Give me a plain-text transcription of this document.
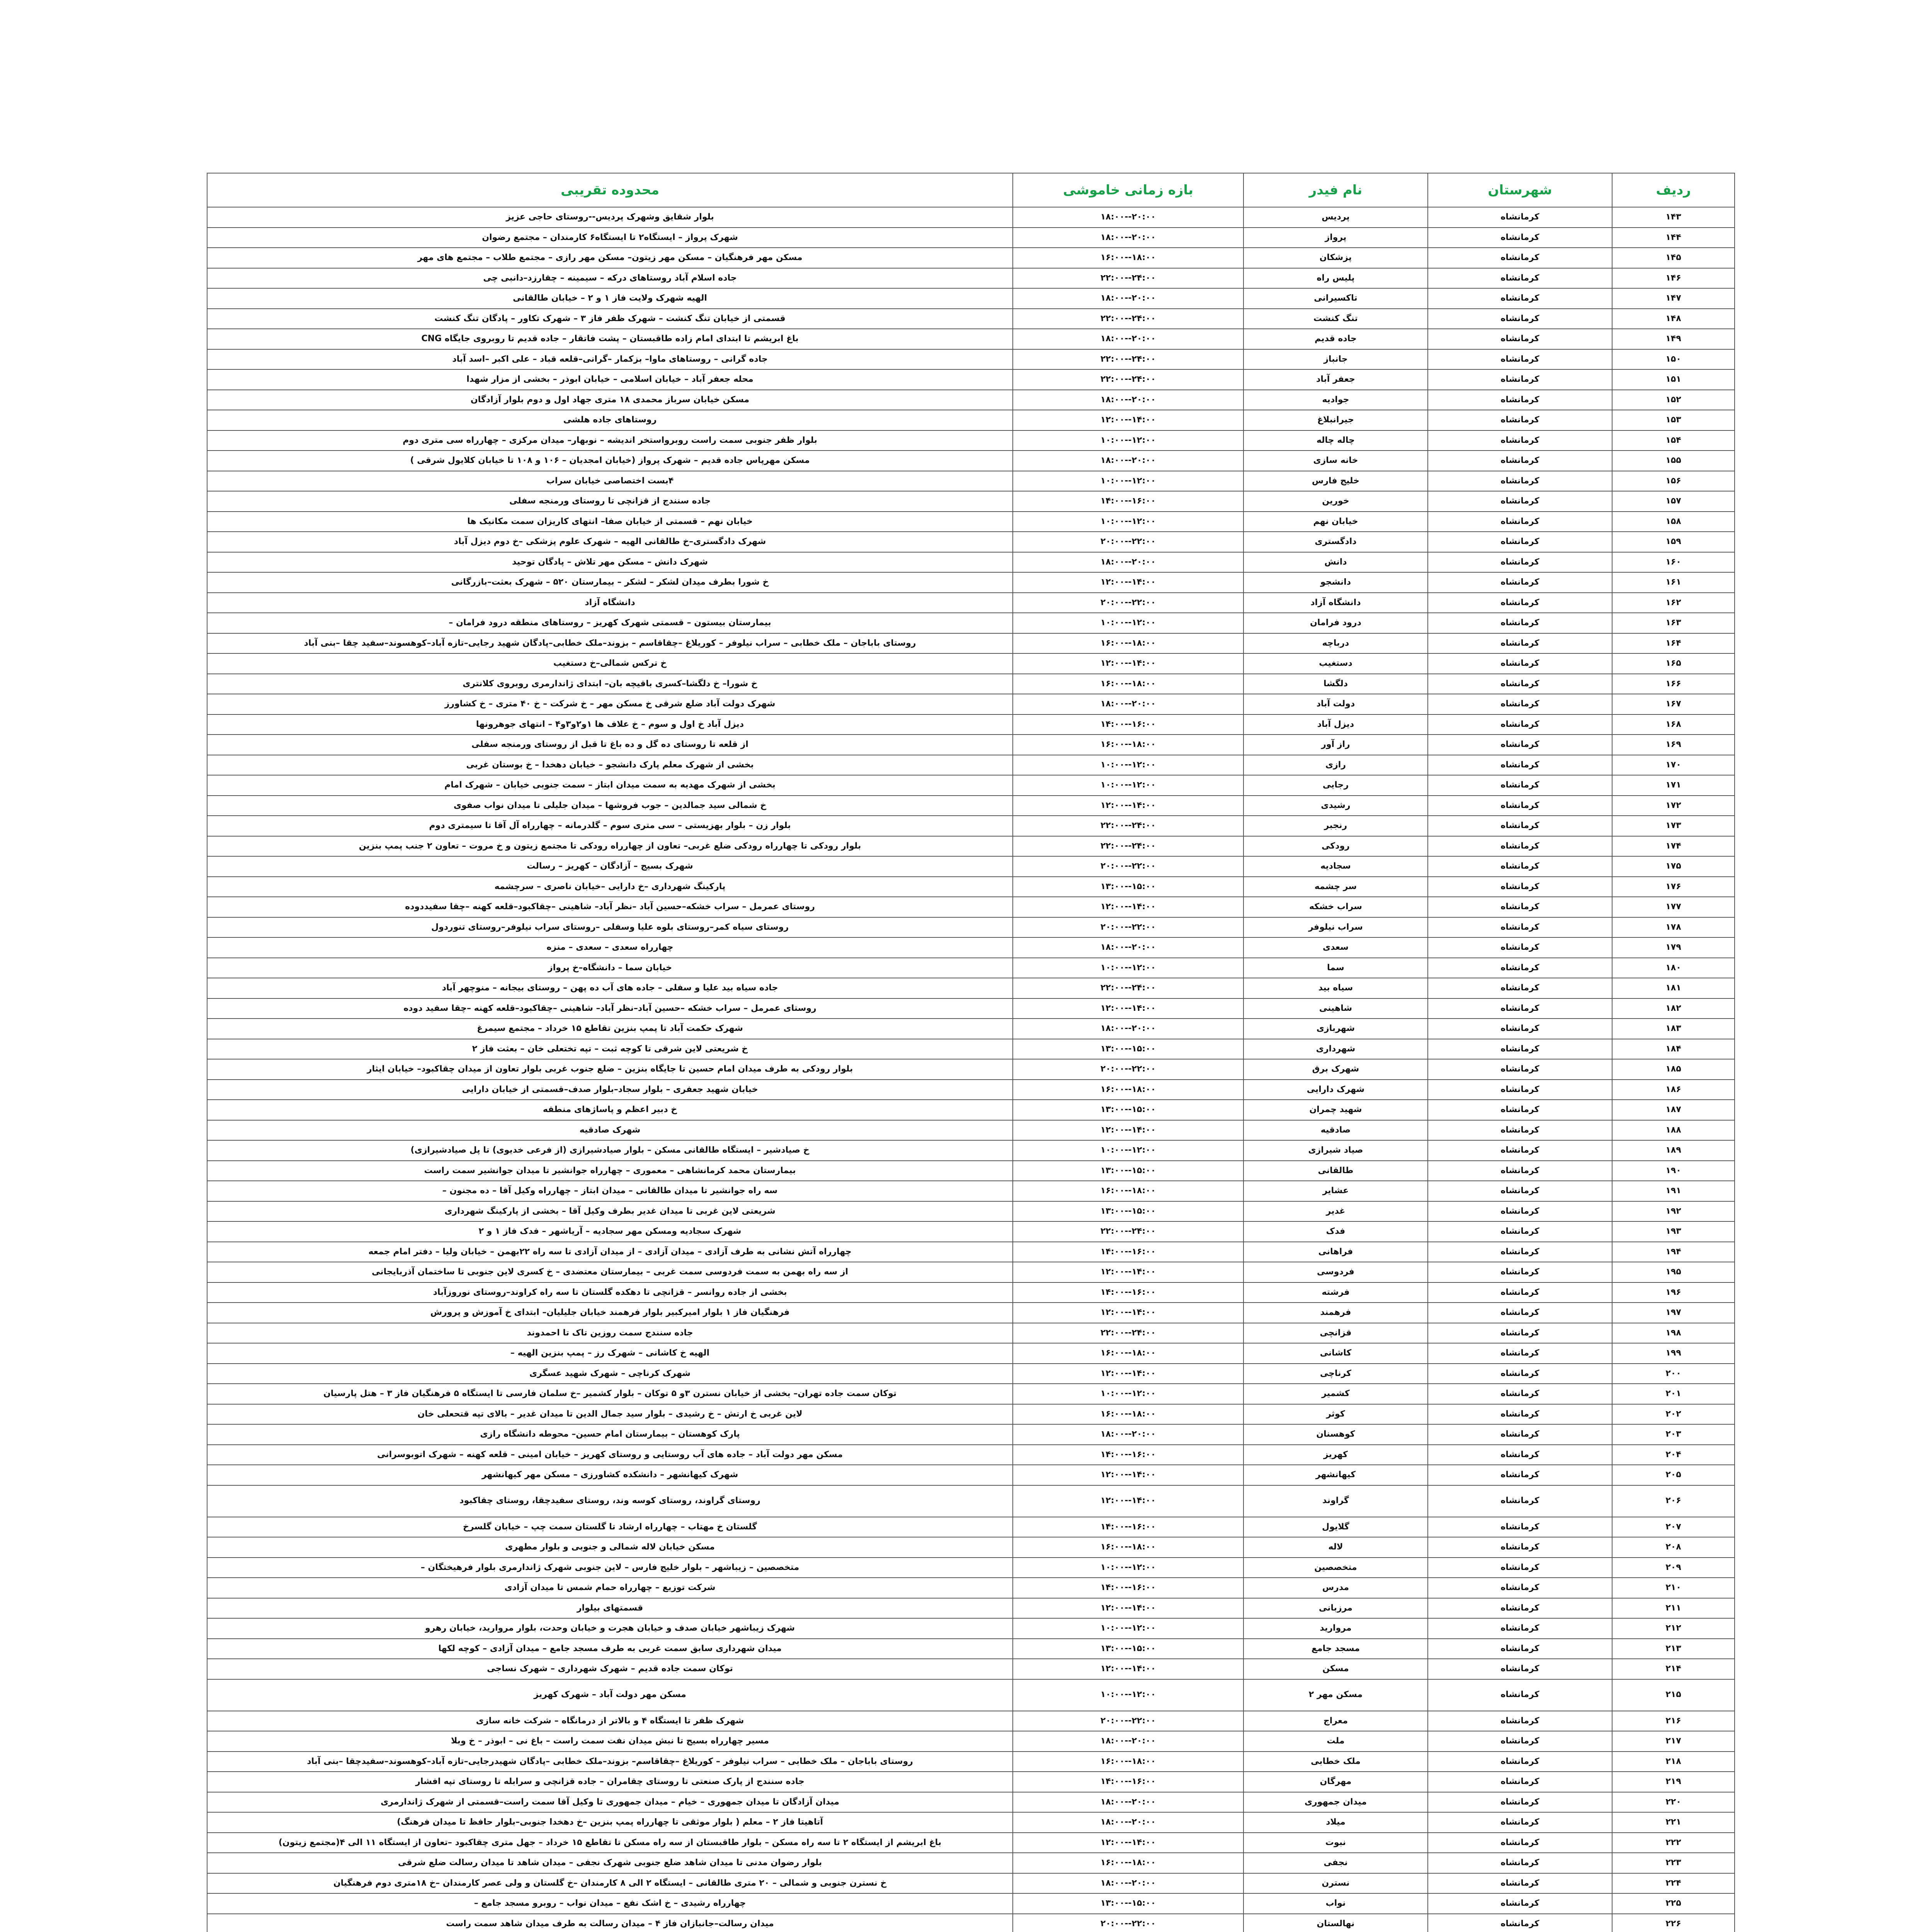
ردیف	شهرستان	نام فیدر	بازه زمانی خاموشی	محدوده تقریبی
۱۴۳	کرمانشاه	پردیس	۱۸:۰۰--۲۰:۰۰	بلوار شقایق وشهرک پردیس--روستای حاجی عزیز
۱۴۴	کرمانشاه	پرواز	۱۸:۰۰--۲۰:۰۰	شهرک پرواز – ایستگاه۲ تا ایستگاه۶ کارمندان – مجتمع رضوان
۱۴۵	کرمانشاه	پزشکان	۱۶:۰۰--۱۸:۰۰	مسکن مهر فرهنگیان – مسکن مهر زیتون– مسکن مهر رازی – مجتمع طلاب – مجتمع های مهر
۱۴۶	کرمانشاه	پلیس راه	۲۲:۰۰--۲۴:۰۰	جاده اسلام آباد روستاهای درکه – سیمینه – چقارزد–دانبی چی
۱۴۷	کرمانشاه	تاکسیرانی	۱۸:۰۰--۲۰:۰۰	الهیه شهرک ولایت فاز ۱ و ۲ – خیابان طالقانی
۱۴۸	کرمانشاه	تنگ کنشت	۲۲:۰۰--۲۴:۰۰	قسمتی از خیابان تنگ کنشت – شهرک ظفر فاز ۳ – شهرک تکاور – پادگان تنگ کنشت
۱۴۹	کرمانشاه	جاده قدیم	۱۸:۰۰--۲۰:۰۰	باغ ابریشم تا ابتدای امام زاده طاقبستان – پشت فاتقار – جاده قدیم تا روبروی جایگاه CNG
۱۵۰	کرمانشاه	جانباز	۲۲:۰۰--۲۴:۰۰	جاده گرانی – روستاهای ماوا– بزکمار –گرانی–قلعه قباد – علی اکبر –اسد آباد
۱۵۱	کرمانشاه	جعفر آباد	۲۲:۰۰--۲۴:۰۰	محله جعفر آباد – خیابان اسلامی – خیابان ابوذر – بخشی از مزار شهدا
۱۵۲	کرمانشاه	جوادیه	۱۸:۰۰--۲۰:۰۰	مسکن خیابان سرباز محمدی ۱۸ متری جهاد اول و دوم بلوار آزادگان
۱۵۳	کرمانشاه	جیرانبلاغ	۱۲:۰۰--۱۴:۰۰	روستاهای جاده هلشی
۱۵۴	کرمانشاه	چاله چاله	۱۰:۰۰--۱۲:۰۰	بلوار ظفر جنوبی سمت راست روبرواستخر اندیشه – نوبهار– میدان مرکزی – چهارراه سی متری دوم
۱۵۵	کرمانشاه	خانه سازی	۱۸:۰۰--۲۰:۰۰	مسکن مهرپاس جاده قدیم – شهرک پرواز (خیابان امجدیان – ۱۰۶ و ۱۰۸ تا خیابان کلایول شرقی )
۱۵۶	کرمانشاه	خلیج فارس	۱۰:۰۰--۱۲:۰۰	۴بست اختصاصی خیابان سراب
۱۵۷	کرمانشاه	خورین	۱۴:۰۰--۱۶:۰۰	جاده سنندج از قزانچی تا روستای ورمنجه سفلی
۱۵۸	کرمانشاه	خیابان نهم	۱۰:۰۰--۱۲:۰۰	خیابان نهم – قسمتی از خیابان صفا– انتهای کاریزان سمت مکانیک ها
۱۵۹	کرمانشاه	دادگستری	۲۰:۰۰--۲۲:۰۰	شهرک دادگستری–خ طالقانی الهیه – شهرک علوم پزشکی –خ دوم دیزل آباد
۱۶۰	کرمانشاه	دانش	۱۸:۰۰--۲۰:۰۰	شهرک دانش – مسکن مهر تلاش – پادگان توحید
۱۶۱	کرمانشاه	دانشجو	۱۲:۰۰--۱۴:۰۰	خ شورا بطرف میدان لشکر – لشکر – بیمارستان ۵۲۰ – شهرک بعثت–بازرگانی
۱۶۲	کرمانشاه	دانشگاه آزاد	۲۰:۰۰--۲۲:۰۰	دانشگاه آزاد
۱۶۳	کرمانشاه	درود فرامان	۱۰:۰۰--۱۲:۰۰	بیمارستان بیستون – قسمتی شهرک کهریز – روستاهای منطقه درود فرامان –
۱۶۴	کرمانشاه	درباچه	۱۶:۰۰--۱۸:۰۰	روستای باباجان – ملک خطابی – سراب نیلوفر – کوریلاغ –چقاقاسم – بزوند–ملک خطابی–پادگان شهید رجایی–تازه آباد–کوهسوند–سفید چقا –بنی آباد
۱۶۵	کرمانشاه	دستغیب	۱۲:۰۰--۱۴:۰۰	خ ترکس شمالی–خ دستغیب
۱۶۶	کرمانشاه	دلگشا	۱۶:۰۰--۱۸:۰۰	خ شورا– خ دلگشا–کسری باقیچه بان– ابتدای ژاندارمری روبروی کلانتری
۱۶۷	کرمانشاه	دولت آباد	۱۸:۰۰--۲۰:۰۰	شهرک دولت آباد ضلع شرقی خ مسکن مهر – خ شرکت – خ ۴۰ متری – خ کشاورز
۱۶۸	کرمانشاه	دیزل آباد	۱۴:۰۰--۱۶:۰۰	دیزل آباد خ اول و سوم – خ علاف ها ۱و۲و۳و۴ – انتهای جوهرونها
۱۶۹	کرمانشاه	راز آور	۱۶:۰۰--۱۸:۰۰	از قلعه تا روستای ده گل و ده باغ تا قبل از روستای ورمنجه سفلی
۱۷۰	کرمانشاه	رازی	۱۰:۰۰--۱۲:۰۰	بخشی از شهرک معلم پارک دانشجو – خیابان دهخدا – خ بوستان غربی
۱۷۱	کرمانشاه	رجایی	۱۰:۰۰--۱۲:۰۰	بخشی از شهرک مهدیه به سمت میدان ابتاز – سمت جنوبی خیابان – شهرک امام
۱۷۲	کرمانشاه	رشیدی	۱۲:۰۰--۱۴:۰۰	خ شمالی سید جمالدین – جوب فروشها – میدان جلیلی تا میدان نواب صفوی
۱۷۳	کرمانشاه	رنجبر	۲۲:۰۰--۲۴:۰۰	بلوار زن – بلوار بهزیستی – سی متری سوم – گلدرمانه – چهارراه آل آقا تا سیمتری دوم
۱۷۴	کرمانشاه	رودکی	۲۲:۰۰--۲۴:۰۰	بلوار رودکی تا چهارراه رودکی ضلع غربی– تعاون از چهارراه رودکی تا مجتمع زیتون و خ مروت – تعاون ۲ جنب پمپ بنزین
۱۷۵	کرمانشاه	سجادیه	۲۰:۰۰--۲۲:۰۰	شهرک بسیج – آزادگان – کهریز – رسالت
۱۷۶	کرمانشاه	سر چشمه	۱۳:۰۰--۱۵:۰۰	پارکینگ شهرداری –خ دارایی –خیابان ناصری – سرچشمه
۱۷۷	کرمانشاه	سراب خشکه	۱۲:۰۰--۱۴:۰۰	روستای عمرمل – سراب خشکه–حسین آباد –نظر آباد– شاهینی –چقاکبود–قلعه کهنه –چقا سفیددوده
۱۷۸	کرمانشاه	سراب نیلوفر	۲۰:۰۰--۲۲:۰۰	روستای سیاه کمر–روستای بلوه علیا وسفلی –روستای سراب نیلوفر–روستای تنوردول
۱۷۹	کرمانشاه	سعدی	۱۸:۰۰--۲۰:۰۰	چهارراه سعدی – سعدی – منزه
۱۸۰	کرمانشاه	سما	۱۰:۰۰--۱۲:۰۰	خیابان سما – دانشگاه–خ پرواز
۱۸۱	کرمانشاه	سیاه بید	۲۲:۰۰--۲۴:۰۰	جاده سیاه بید علیا و سفلی – جاده های آب ده پهن – روستای بیجانه – منوچهر آباد
۱۸۲	کرمانشاه	شاهینی	۱۲:۰۰--۱۴:۰۰	روستای عمرمل – سراب خشکه –حسین آباد–نظر آباد– شاهینی –چقاکبود–قلعه کهنه –چقا سفید دوده
۱۸۳	کرمانشاه	شهربازی	۱۸:۰۰--۲۰:۰۰	شهرک حکمت آباد تا پمپ بنزین تقاطع ۱۵ خرداد – مجتمع سیمرغ
۱۸۴	کرمانشاه	شهرداری	۱۳:۰۰--۱۵:۰۰	خ شریعتی لاین شرقی تا کوچه ثبت – تپه تختعلی خان – بعثت فاز ۲
۱۸۵	کرمانشاه	شهرک برق	۲۰:۰۰--۲۲:۰۰	بلوار رودکی به طرف میدان امام حسین تا جایگاه بنزین – ضلع جنوب غربی بلوار تعاون از میدان چقاکبود– خیابان ایثار
۱۸۶	کرمانشاه	شهرک دارایی	۱۶:۰۰--۱۸:۰۰	خیابان شهید جعفری – بلوار سجاد–بلوار صدف–قسمتی از خیابان دارایی
۱۸۷	کرمانشاه	شهید چمران	۱۳:۰۰--۱۵:۰۰	خ دبیر اعظم و پاساژهای منطقه
۱۸۸	کرمانشاه	صادقیه	۱۲:۰۰--۱۴:۰۰	شهرک صادقیه
۱۸۹	کرمانشاه	صیاد شیرازی	۱۰:۰۰--۱۲:۰۰	خ صیادشیر – ایستگاه طالقانی مسکن – بلوار صیادشیرازی (از فرعی خدیوی) تا پل صیادشیرازی)
۱۹۰	کرمانشاه	طالقانی	۱۳:۰۰--۱۵:۰۰	بیمارستان محمد کرمانشاهی – معموری – چهارراه جوانشیر تا میدان جوانشیر سمت راست
۱۹۱	کرمانشاه	عشایر	۱۶:۰۰--۱۸:۰۰	سه راه جوانشیر تا میدان طالقانی – میدان ابتاز – چهارراه وکیل آقا – ده مجنون –
۱۹۲	کرمانشاه	غدیر	۱۳:۰۰--۱۵:۰۰	شریعتی لاین غربی تا میدان غدیر بطرف وکیل آقا – بخشی از پارکینگ شهرداری
۱۹۳	کرمانشاه	فدک	۲۲:۰۰--۲۴:۰۰	شهرک سجادیه ومسکن مهر سجادیه – آریاشهر – فدک فاز ۱ و ۲
۱۹۴	کرمانشاه	فراهانی	۱۴:۰۰--۱۶:۰۰	چهارراه آتش نشانی به طرف آزادی – میدان آزادی – از میدان آزادی تا سه راه ۲۲بهمن – خیابان ولیا – دفتر امام جمعه
۱۹۵	کرمانشاه	فردوسی	۱۲:۰۰--۱۴:۰۰	از سه راه بهمن به سمت فردوسی سمت غربی – بیمارستان معتضدی – خ کسری لاین جنوبی تا ساختمان آذربایجانی
۱۹۶	کرمانشاه	فرشته	۱۴:۰۰--۱۶:۰۰	بخشی از جاده روانسر – قزانچی تا دهکده گلستان تا سه راه کراوند–روستای نوروزآباد
۱۹۷	کرمانشاه	فرهمند	۱۲:۰۰--۱۴:۰۰	فرهنگیان فاز ۱ بلوار امیرکبیر بلوار فرهمند خیابان جلیلیان– ابتدای خ آموزش و پرورش
۱۹۸	کرمانشاه	قزانچی	۲۲:۰۰--۲۴:۰۰	جاده سنندج سمت روزین تاک تا احمدوند
۱۹۹	کرمانشاه	کاشانی	۱۶:۰۰--۱۸:۰۰	الهیه خ کاشانی – شهرک رز – پمپ بنزین الهیه –
۲۰۰	کرمانشاه	کرناچی	۱۲:۰۰--۱۴:۰۰	شهرک کرناچی – شهرک شهید عسگری
۲۰۱	کرمانشاه	کشمیر	۱۰:۰۰--۱۲:۰۰	توکان سمت جاده تهران– بخشی از خیابان نسترن ۳و ۵ توکان – بلوار کشمیر –خ سلمان فارسی تا ایستگاه ۵ فرهنگیان فاز ۳ – هتل پارسیان
۲۰۲	کرمانشاه	کوثر	۱۶:۰۰--۱۸:۰۰	لاین غربی خ ارتش – خ رشیدی – بلوار سید جمال الدین تا میدان غدیر – بالای تپه قتحعلی خان
۲۰۳	کرمانشاه	کوهسنان	۱۸:۰۰--۲۰:۰۰	پارک کوهستان – بیمارستان امام حسین– محوطه دانشگاه رازی
۲۰۴	کرمانشاه	کهریز	۱۴:۰۰--۱۶:۰۰	مسکن مهر دولت آباد – جاده های آب روستایی و روستای کهریز – خیابان امینی – قلعه کهنه – شهرک اتوبوسرانی
۲۰۵	کرمانشاه	کیهانشهر	۱۲:۰۰--۱۴:۰۰	شهرک کیهانشهر – دانشکده کشاورزی – مسکن مهر کیهانشهر
۲۰۶	کرمانشاه	گراوند	۱۲:۰۰--۱۴:۰۰	روستای گراوند، روستای کوسه وند، روستای سفیدچقا، روستای چقاکبود
۲۰۷	کرمانشاه	گلایول	۱۴:۰۰--۱۶:۰۰	گلستان خ مهتاب – چهارراه ارشاد تا گلستان سمت چپ – خیابان گلسرخ
۲۰۸	کرمانشاه	لاله	۱۶:۰۰--۱۸:۰۰	مسکن خیابان لاله شمالی و جنوبی و بلوار مطهری
۲۰۹	کرمانشاه	متخصصین	۱۰:۰۰--۱۲:۰۰	متخصصین – زیباشهر – بلوار خلیج فارس – لاین جنوبی شهرک ژاندارمری بلوار فرهیختگان –
۲۱۰	کرمانشاه	مدرس	۱۴:۰۰--۱۶:۰۰	شرکت توزیع – چهارراه حمام شمس تا میدان آزادی
۲۱۱	کرمانشاه	مرزبانی	۱۲:۰۰--۱۴:۰۰	قسمتهای بیلوار
۲۱۲	کرمانشاه	مرواريد	۱۰:۰۰--۱۲:۰۰	شهرک زیباشهر خیابان صدف و خیابان هجرت و خیابان وحدت، بلوار مروارید، خیابان رهرو
۲۱۳	کرمانشاه	مسجد جامع	۱۳:۰۰--۱۵:۰۰	میدان شهرداری سابق سمت غربی به طرف مسجد جامع – میدان آزادی – کوچه لکها
۲۱۴	کرمانشاه	مسکن	۱۲:۰۰--۱۴:۰۰	توکان سمت جاده قدیم – شهرک شهرداری – شهرک نساجی
۲۱۵	کرمانشاه	مسکن مهر ۲	۱۰:۰۰--۱۲:۰۰	مسکن مهر دولت آباد – شهرک کهریز
۲۱۶	کرمانشاه	معراج	۲۰:۰۰--۲۲:۰۰	شهرک ظفر تا ایستگاه ۴ و بالاتر از درمانگاه – شرکت خانه سازی
۲۱۷	کرمانشاه	ملت	۱۸:۰۰--۲۰:۰۰	مسیر چهارراه بسیج تا نبش میدان نفت سمت راست – باغ نی – ابوذر – خ وبلا
۲۱۸	کرمانشاه	ملک خطابی	۱۶:۰۰--۱۸:۰۰	روستای باباجان – ملک خطابی – سراب نیلوفر – کوریلاغ –چقاقاسم– بزوند–ملک خطابی –پادگان شهیدرجایی–تازه آباد–کوهسوند–سفیدچقا –بنی آباد
۲۱۹	کرمانشاه	مهرگان	۱۴:۰۰--۱۶:۰۰	جاده سنندج از پارک صنعتی تا روستای چقامران – جاده قزانچی و سرابله تا روستای تپه افشار
۲۲۰	کرمانشاه	میدان جمهوری	۱۸:۰۰--۲۰:۰۰	میدان آزادگان تا میدان جمهوری – خیام – میدان جمهوری تا وکیل آقا سمت راست–قسمتی از شهرک ژاندارمری
۲۲۱	کرمانشاه	میلاد	۱۸:۰۰--۲۰:۰۰	آتاهیتا فاز ۲ – معلم ( بلوار موثقی تا چهارراه پمپ بنزین –خ دهخدا جنوبی–بلوار حافظ تا میدان فرهنگ)
۲۲۲	کرمانشاه	نبوت	۱۲:۰۰--۱۴:۰۰	باغ ابریشم از ایستگاه ۲ تا سه راه مسکن – بلوار طاقبستان از سه راه مسکن تا تقاطع ۱۵ خرداد – جهل متری چقاکبود –تعاون از ایستگاه ۱۱ الی ۴(مجتمع زیتون)
۲۲۳	کرمانشاه	نجفی	۱۶:۰۰--۱۸:۰۰	بلوار رضوان مدنی تا میدان شاهد ضلع جنوبی شهرک نجفی – میدان شاهد تا میدان رسالت ضلع شرقی
۲۲۴	کرمانشاه	نسترن	۱۸:۰۰--۲۰:۰۰	خ نسترن جنوبی و شمالی – ۲۰ متری طالقانی – ایستگاه ۲ الی ۸ کارمندان –خ گلستان و ولی عصر کارمندان –خ ۱۸متری دوم فرهنگیان
۲۲۵	کرمانشاه	نواب	۱۳:۰۰--۱۵:۰۰	چهارراه رشیدی – خ اشک نفع – میدان نواب – روبرو مسجد جامع –
۲۲۶	کرمانشاه	نهالستان	۲۰:۰۰--۲۲:۰۰	میدان رسالت–جانبازان فاز ۴ – میدان رسالت به طرف میدان شاهد سمت راست
